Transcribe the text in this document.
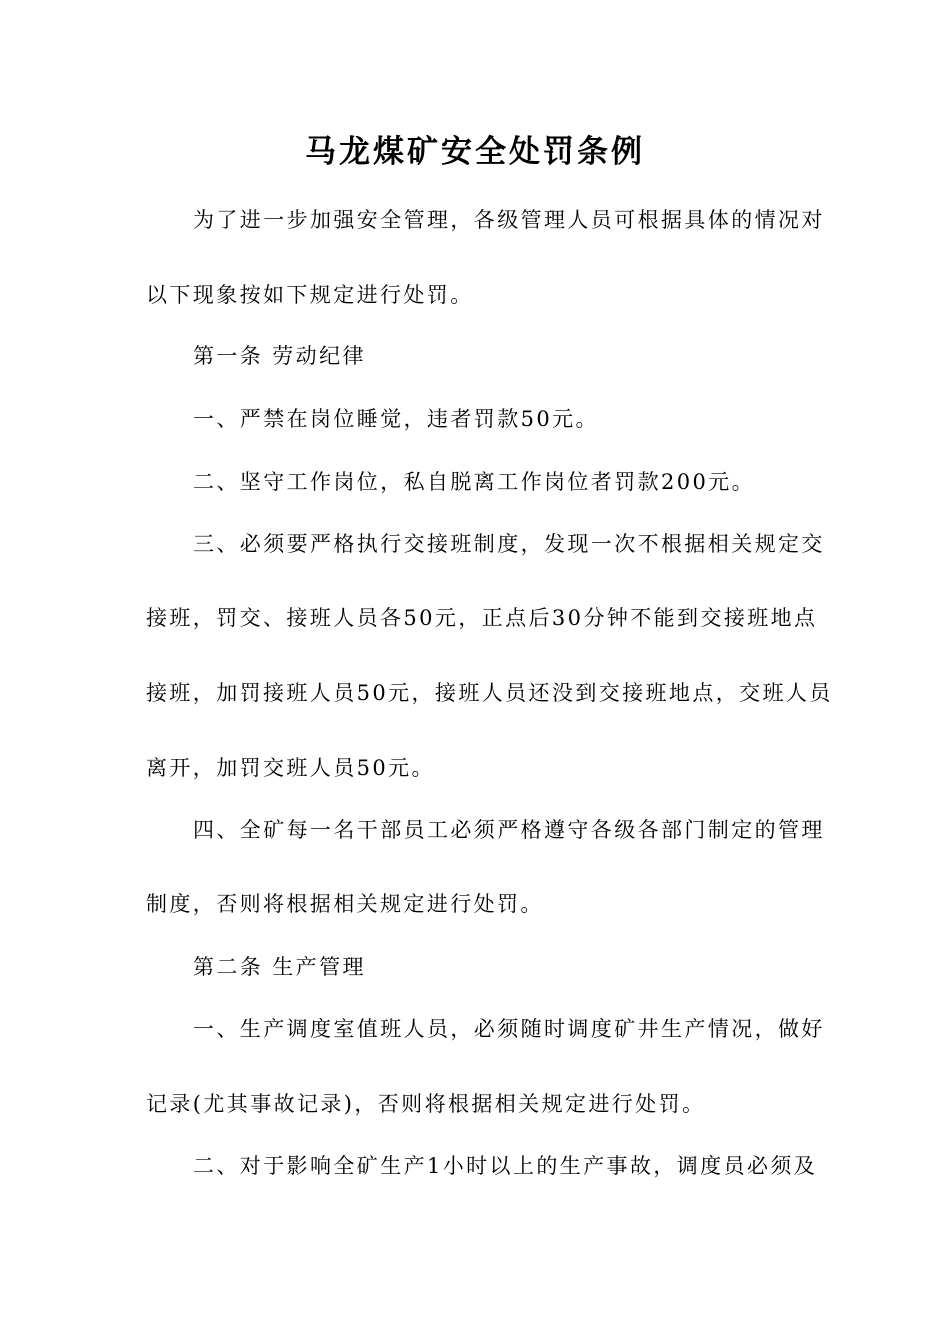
马龙煤矿安全处罚条例
为了进一步加强安全管理，各级管理人员可根据具体的情况对
以下现象按如下规定进行处罚。
第一条 劳动纪律
一、严禁在岗位睡觉，违者罚款50元。
二、坚守工作岗位，私自脱离工作岗位者罚款200元。
三、必须要严格执行交接班制度，发现一次不根据相关规定交
接班，罚交、接班人员各50元，正点后30分钟不能到交接班地点
接班，加罚接班人员50元，接班人员还没到交接班地点，交班人员
离开，加罚交班人员50元。
四、全矿每一名干部员工必须严格遵守各级各部门制定的管理
制度，否则将根据相关规定进行处罚。
第二条 生产管理
一、生产调度室值班人员，必须随时调度矿井生产情况，做好
记录(尤其事故记录)，否则将根据相关规定进行处罚。
二、对于影响全矿生产1小时以上的生产事故，调度员必须及
